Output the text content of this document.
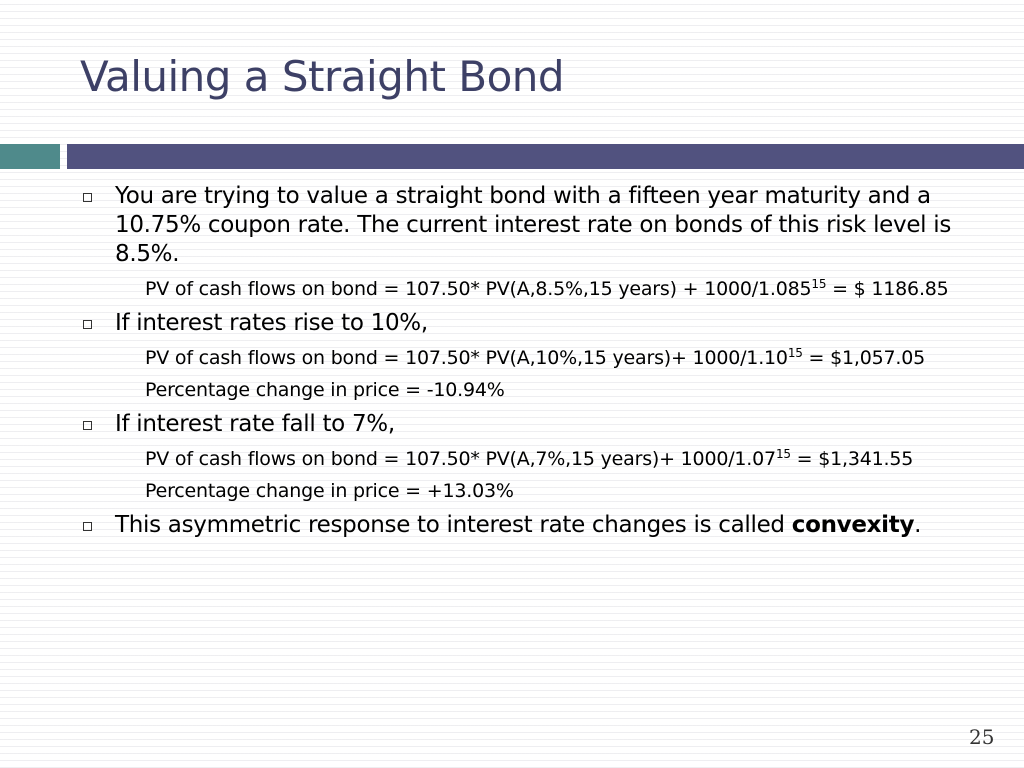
Valuing a Straight Bond
You are trying to value a straight bond with a fifteen year maturity and a 10.75% coupon rate. The current interest rate on bonds of this risk level is 8.5%.
PV of cash flows on bond = 107.50* PV(A,8.5%,15 years) + $1000/1.085^{15}$ = $ 1186.85
If interest rates rise to 10%,
PV of cash flows on bond = 107.50* PV(A,10%,15 years)+ $1000/1.10^{15}$ = $1,057.05
Percentage change in price = -10.94%
If interest rate fall to 7%,
PV of cash flows on bond = 107.50* PV(A,7%,15 years)+ $1000/1.07^{15}$ = $1,341.55
Percentage change in price = +13.03%
This asymmetric response to interest rate changes is called convexity.
25
